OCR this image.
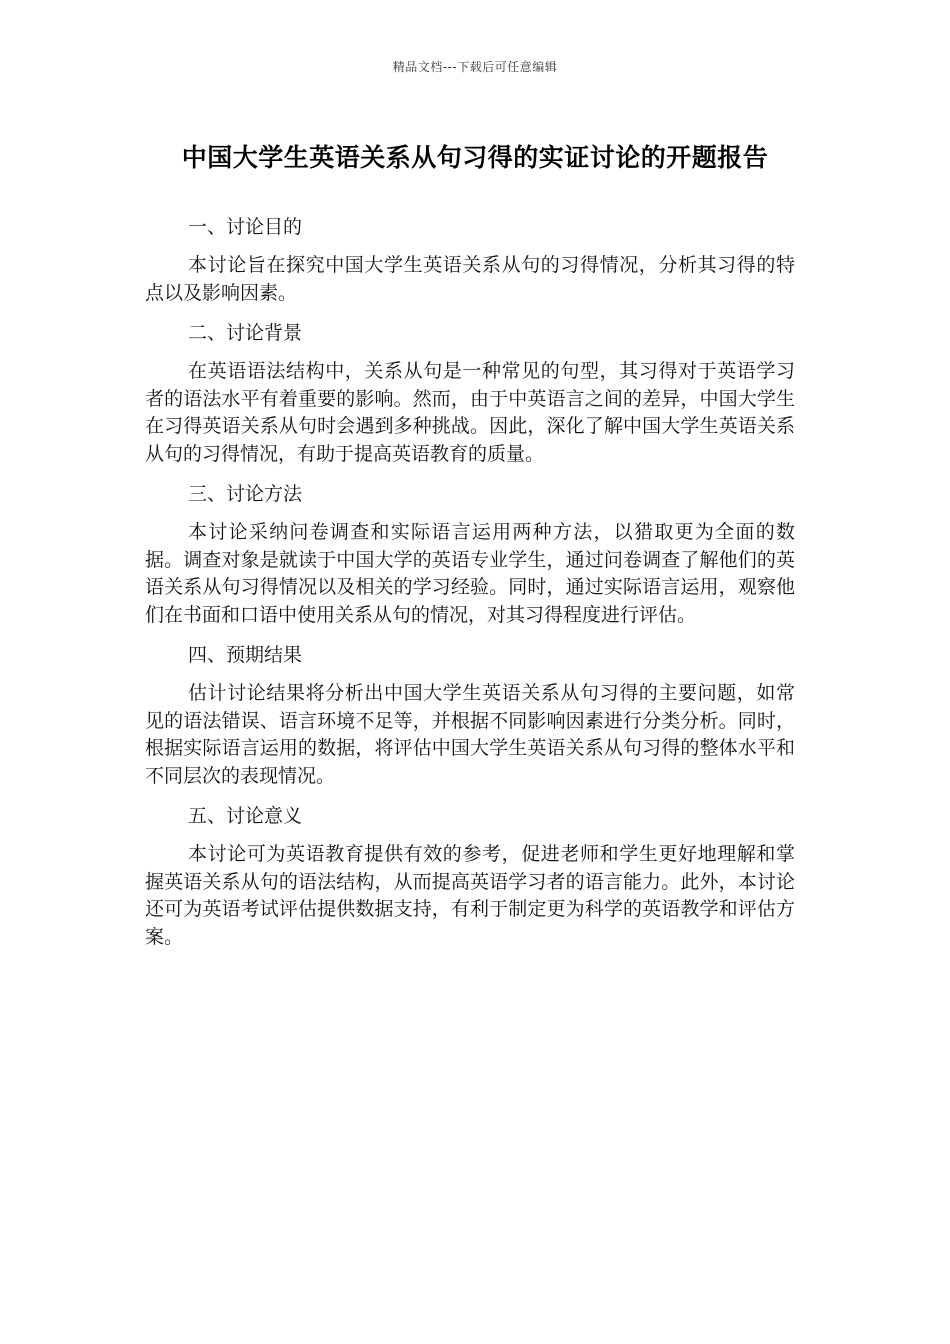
精品文档---下载后可任意编辑
中国大学生英语关系从句习得的实证讨论的开题报告
一、讨论目的
本讨论旨在探究中国大学生英语关系从句的习得情况，分析其习得的特点以及影响因素。
二、讨论背景
在英语语法结构中，关系从句是一种常见的句型，其习得对于英语学习者的语法水平有着重要的影响。然而，由于中英语言之间的差异，中国大学生在习得英语关系从句时会遇到多种挑战。因此，深化了解中国大学生英语关系从句的习得情况，有助于提高英语教育的质量。
三、讨论方法
本讨论采纳问卷调查和实际语言运用两种方法，以猎取更为全面的数据。调查对象是就读于中国大学的英语专业学生，通过问卷调查了解他们的英语关系从句习得情况以及相关的学习经验。同时，通过实际语言运用，观察他们在书面和口语中使用关系从句的情况，对其习得程度进行评估。
四、预期结果
估计讨论结果将分析出中国大学生英语关系从句习得的主要问题，如常见的语法错误、语言环境不足等，并根据不同影响因素进行分类分析。同时，根据实际语言运用的数据，将评估中国大学生英语关系从句习得的整体水平和不同层次的表现情况。
五、讨论意义
本讨论可为英语教育提供有效的参考，促进老师和学生更好地理解和掌握英语关系从句的语法结构，从而提高英语学习者的语言能力。此外，本讨论还可为英语考试评估提供数据支持，有利于制定更为科学的英语教学和评估方案。
